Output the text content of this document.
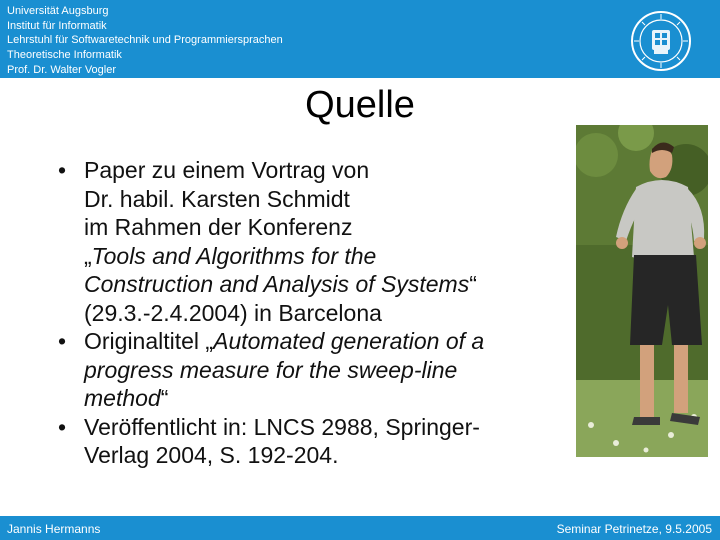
Universität Augsburg
Institut für Informatik
Lehrstuhl für Softwaretechnik und Programmiersprachen
Theoretische Informatik
Prof. Dr. Walter Vogler
Quelle
• Paper zu einem Vortrag von
Dr. habil. Karsten Schmidt
im Rahmen der Konferenz
„Tools and Algorithms for the
Construction and Analysis of Systems“
(29.3.-2.4.2004) in Barcelona
• Originaltitel „Automated generation of a
progress measure for the sweep-line
method“
• Veröffentlicht in: LNCS 2988, Springer-
Verlag 2004, S. 192-204.
Jannis Hermanns	Seminar Petrinetze, 9.5.2005
